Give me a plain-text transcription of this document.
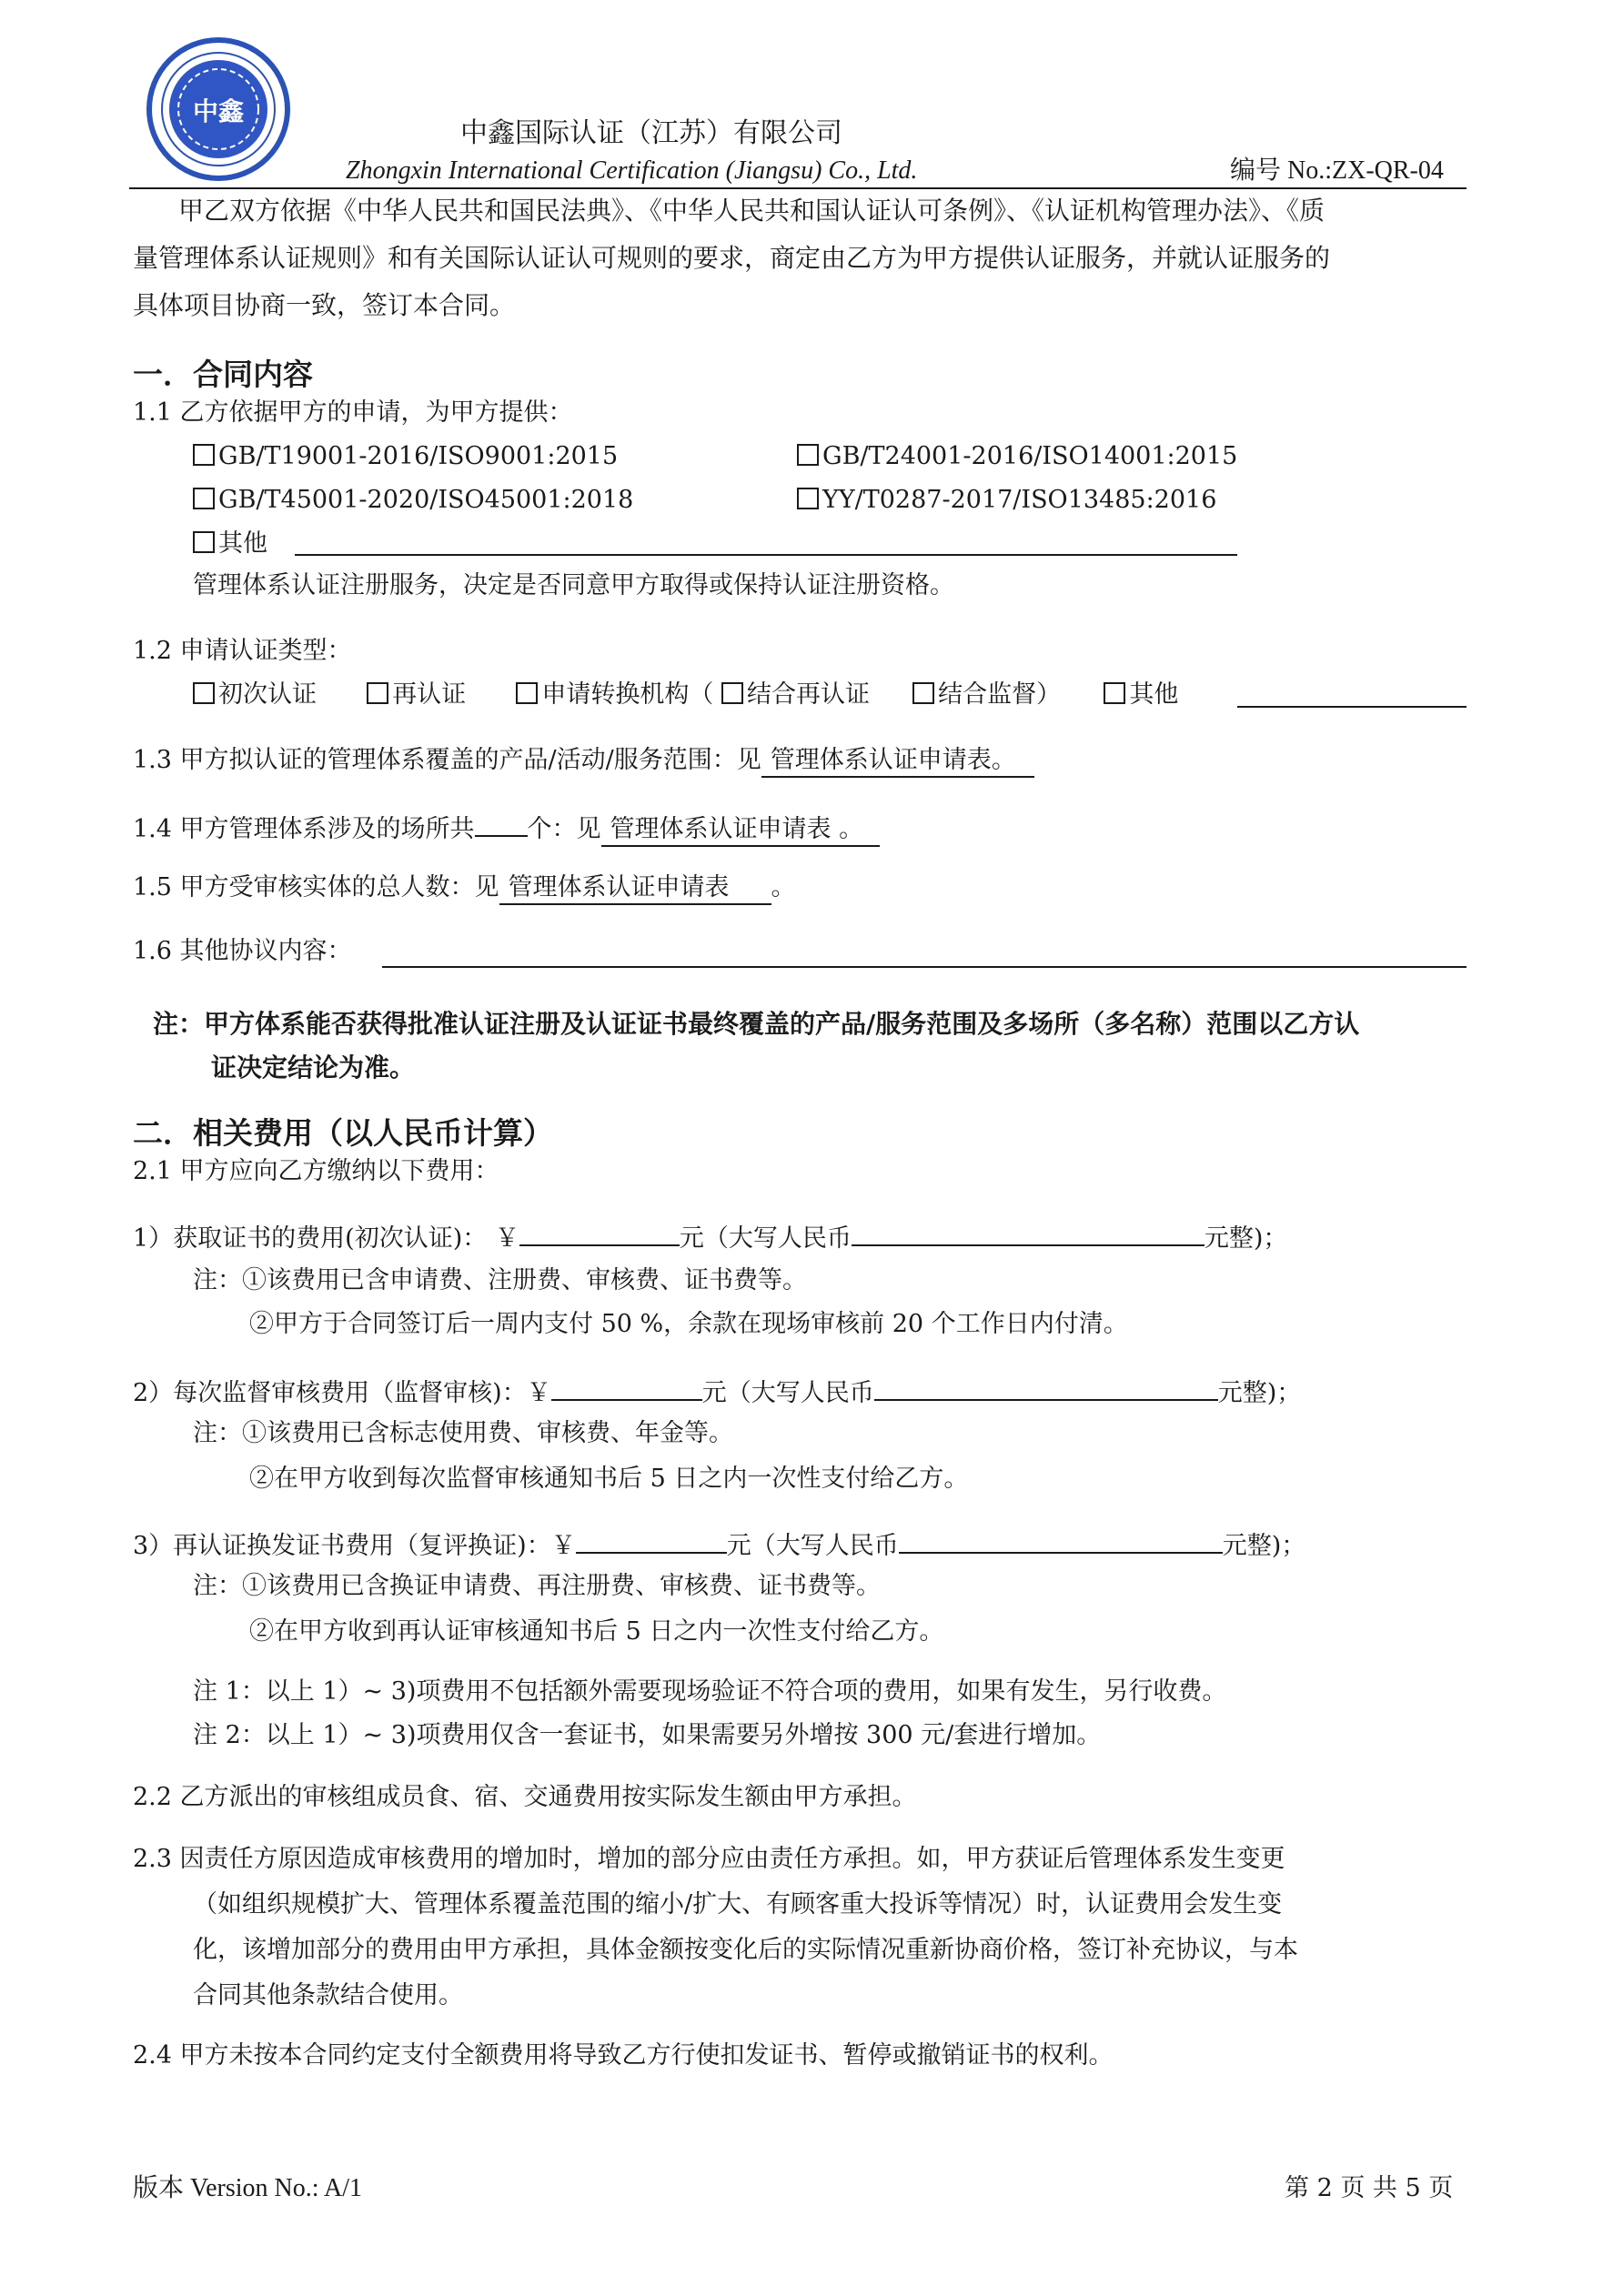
中鑫
中鑫国际认证（江苏）有限公司
Zhongxin International Certification (Jiangsu) Co., Ltd.	编号 No.:ZX-QR-04
甲乙双方依据《中华人民共和国民法典》、《中华人民共和国认证认可条例》、《认证机构管理办法》、《质
量管理体系认证规则》和有关国际认证认可规则的要求，商定由乙方为甲方提供认证服务，并就认证服务的
具体项目协商一致，签订本合同。
一．合同内容
1.1 乙方依据甲方的申请，为甲方提供：
GB/T19001-2016/ISO9001:2015	GB/T24001-2016/ISO14001:2015
GB/T45001-2020/ISO45001:2018	YY/T0287-2017/ISO13485:2016
其他
管理体系认证注册服务，决定是否同意甲方取得或保持认证注册资格。
1.2 申请认证类型：
初次认证	再认证	申请转换机构（ 结合再认证	结合监督）	其他
1.3 甲方拟认证的管理体系覆盖的产品/活动/服务范围：见 管理体系认证申请表。
1.4 甲方管理体系涉及的场所共 个：见 管理体系认证申请表 。
1.5 甲方受审核实体的总人数：见 管理体系认证申请表 。
1.6 其他协议内容：
注：甲方体系能否获得批准认证注册及认证证书最终覆盖的产品/服务范围及多场所（多名称）范围以乙方认
证决定结论为准。
二．相关费用（以人民币计算）
2.1 甲方应向乙方缴纳以下费用：
1）获取证书的费用(初次认证)： ￥	元（大写人民币	元整)；
注：①该费用已含申请费、注册费、审核费、证书费等。
②甲方于合同签订后一周内支付 50 %，余款在现场审核前 20 个工作日内付清。
2）每次监督审核费用（监督审核)：￥	元（大写人民币	元整)；
注：①该费用已含标志使用费、审核费、年金等。
②在甲方收到每次监督审核通知书后 5 日之内一次性支付给乙方。
3）再认证换发证书费用（复评换证)：￥	元（大写人民币	元整)；
注：①该费用已含换证申请费、再注册费、审核费、证书费等。
②在甲方收到再认证审核通知书后 5 日之内一次性支付给乙方。
注 1：以上 1）~ 3)项费用不包括额外需要现场验证不符合项的费用，如果有发生，另行收费。
注 2：以上 1）~ 3)项费用仅含一套证书，如果需要另外增按 300 元/套进行增加。
2.2 乙方派出的审核组成员食、宿、交通费用按实际发生额由甲方承担。
2.3 因责任方原因造成审核费用的增加时，增加的部分应由责任方承担。如，甲方获证后管理体系发生变更
（如组织规模扩大、管理体系覆盖范围的缩小/扩大、有顾客重大投诉等情况）时，认证费用会发生变
化，该增加部分的费用由甲方承担，具体金额按变化后的实际情况重新协商价格，签订补充协议，与本
合同其他条款结合使用。
2.4 甲方未按本合同约定支付全额费用将导致乙方行使扣发证书、暂停或撤销证书的权利。
版本 Version No.: A/1	第 2 页 共 5 页
